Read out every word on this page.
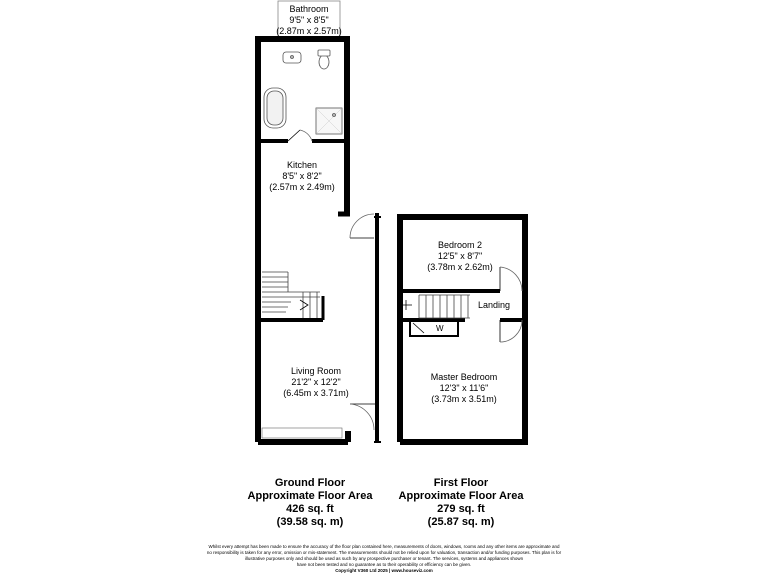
Bathroom
9'5" x 8'5"
(2.87m x 2.57m)
Kitchen
8'5" x 8'2"
(2.57m x 2.49m)
Living Room
21'2" x 12'2"
(6.45m x 3.71m)
Bedroom 2
12'5" x 8'7"
(3.78m x 2.62m)
Master Bedroom
12'3" x 11'6"
(3.73m x 3.51m)
Landing
W
Ground Floor
Approximate Floor Area
426 sq. ft
(39.58 sq. m)
First Floor
Approximate Floor Area
279 sq. ft
(25.87 sq. m)
Whilst every attempt has been made to ensure the accuracy of the floor plan contained here, measurements of doors, windows, rooms and any other items are approximate and
no responsibility is taken for any error, omission or mis-statement. The measurements should not be relied upon for valuation, transaction and/or funding purposes. This plan is for
illustrative purposes only and should be used as such by any prospective purchaser or tenant. The services, systems and appliances shown
have not been tested and no guarantee as to their operability or efficiency can be given.
Copyright V360 Ltd 2025 | www.houseviz.com
